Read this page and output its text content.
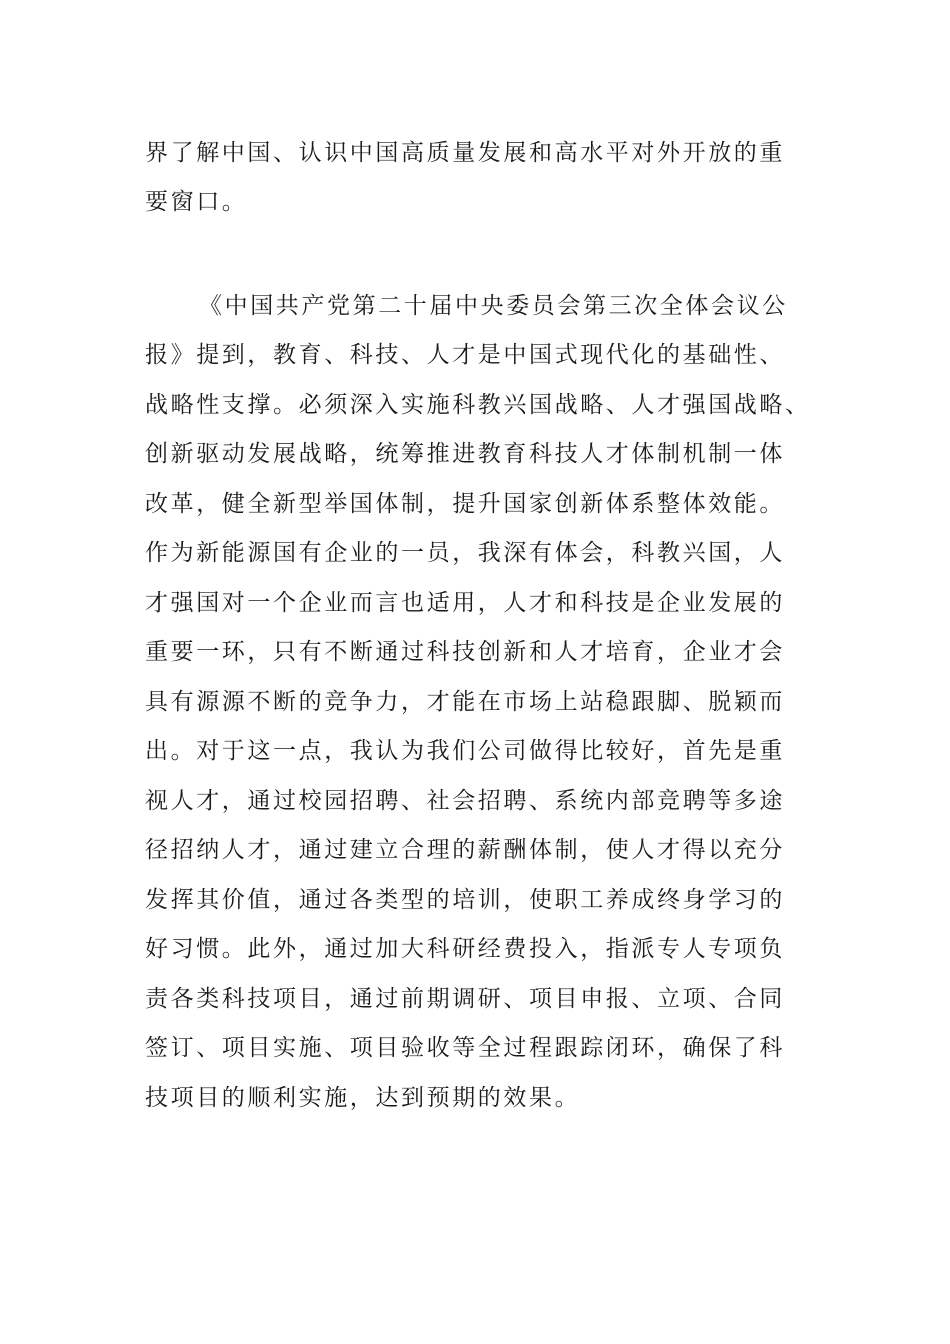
界了解中国、认识中国高质量发展和高水平对外开放的重
要窗口。
《中国共产党第二十届中央委员会第三次全体会议公
报》提到，教育、科技、人才是中国式现代化的基础性、
战略性支撑。必须深入实施科教兴国战略、人才强国战略、
创新驱动发展战略，统筹推进教育科技人才体制机制一体
改革，健全新型举国体制，提升国家创新体系整体效能。
作为新能源国有企业的一员，我深有体会，科教兴国，人
才强国对一个企业而言也适用，人才和科技是企业发展的
重要一环，只有不断通过科技创新和人才培育，企业才会
具有源源不断的竞争力，才能在市场上站稳跟脚、脱颖而
出。对于这一点，我认为我们公司做得比较好，首先是重
视人才，通过校园招聘、社会招聘、系统内部竞聘等多途
径招纳人才，通过建立合理的薪酬体制，使人才得以充分
发挥其价值，通过各类型的培训，使职工养成终身学习的
好习惯。此外，通过加大科研经费投入，指派专人专项负
责各类科技项目，通过前期调研、项目申报、立项、合同
签订、项目实施、项目验收等全过程跟踪闭环，确保了科
技项目的顺利实施，达到预期的效果。
